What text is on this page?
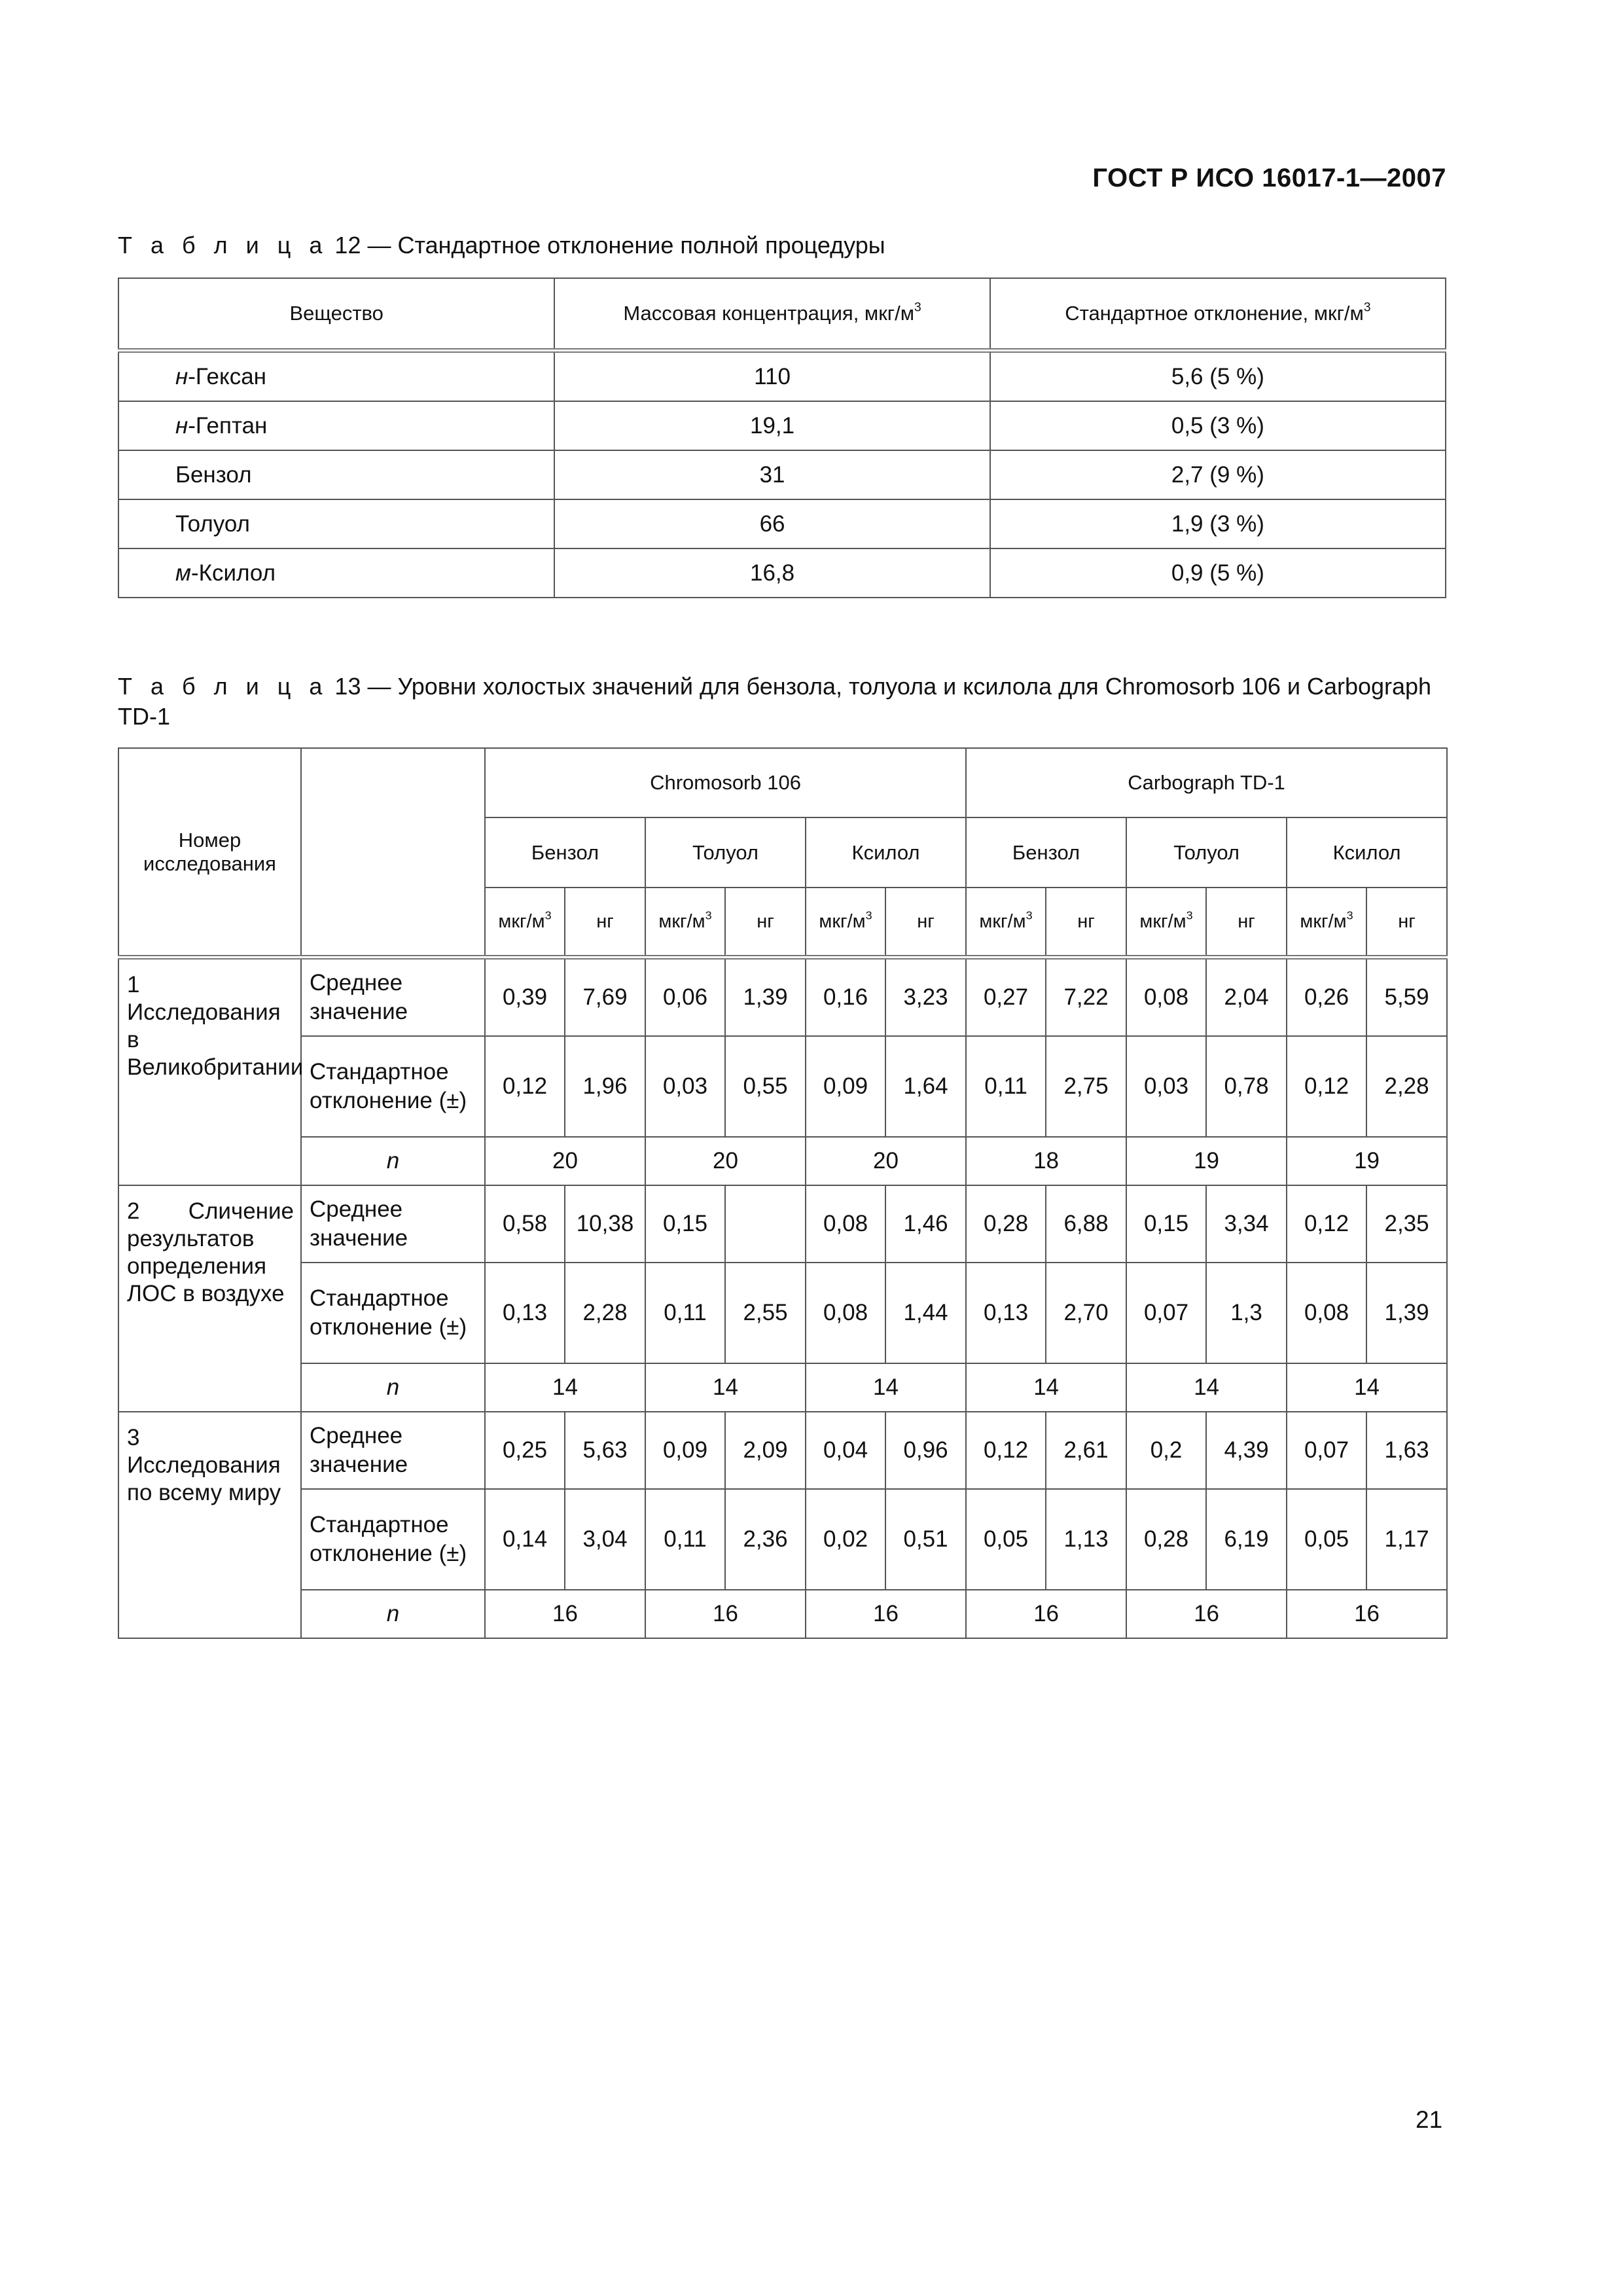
ГОСТ Р ИСО 16017-1—2007
Т а б л и ц а 12 — Стандартное отклонение полной процедуры
Вещество	Массовая концентрация, мкг/$м^3$	Стандартное отклонение, мкг/$м^3$
н-Гексан	110	5,6 (5 %)
н-Гептан	19,1	0,5 (3 %)
Бензол	31	2,7 (9 %)
Толуол	66	1,9 (3 %)
м-Ксилол	16,8	0,9 (5 %)
Т а б л и ц а 13 — Уровни холостых значений для бензола, толуола и ксилола для Chromosorb 106 и Carbograph TD-1
Номер исследования		Chromosorb 106						Carbograph TD-1					
		Бензол		Толуол		Ксилол		Бензол		Толуол		Ксилол	
		мкг/$м^3$	нг	мкг/$м^3$	нг	мкг/$м^3$	нг	мкг/$м^3$	нг	мкг/$м^3$	нг	мкг/$м^3$	нг
1 Исследования в Великобритании	Среднее значение	0,39	7,69	0,06	1,39	0,16	3,23	0,27	7,22	0,08	2,04	0,26	5,59
	Стандартное отклонение (±)	0,12	1,96	0,03	0,55	0,09	1,64	0,11	2,75	0,03	0,78	0,12	2,28
	n	20		20		20		18		19		19	
2 Сличение результатов определения ЛОС в воздухе	Среднее значение	0,58	10,38	0,15		0,08	1,46	0,28	6,88	0,15	3,34	0,12	2,35
	Стандартное отклонение (±)	0,13	2,28	0,11	2,55	0,08	1,44	0,13	2,70	0,07	1,3	0,08	1,39
	n	14		14		14		14		14		14	
3 Исследования по всему миру	Среднее значение	0,25	5,63	0,09	2,09	0,04	0,96	0,12	2,61	0,2	4,39	0,07	1,63
	Стандартное отклонение (±)	0,14	3,04	0,11	2,36	0,02	0,51	0,05	1,13	0,28	6,19	0,05	1,17
	n	16		16		16		16		16		16	
21
